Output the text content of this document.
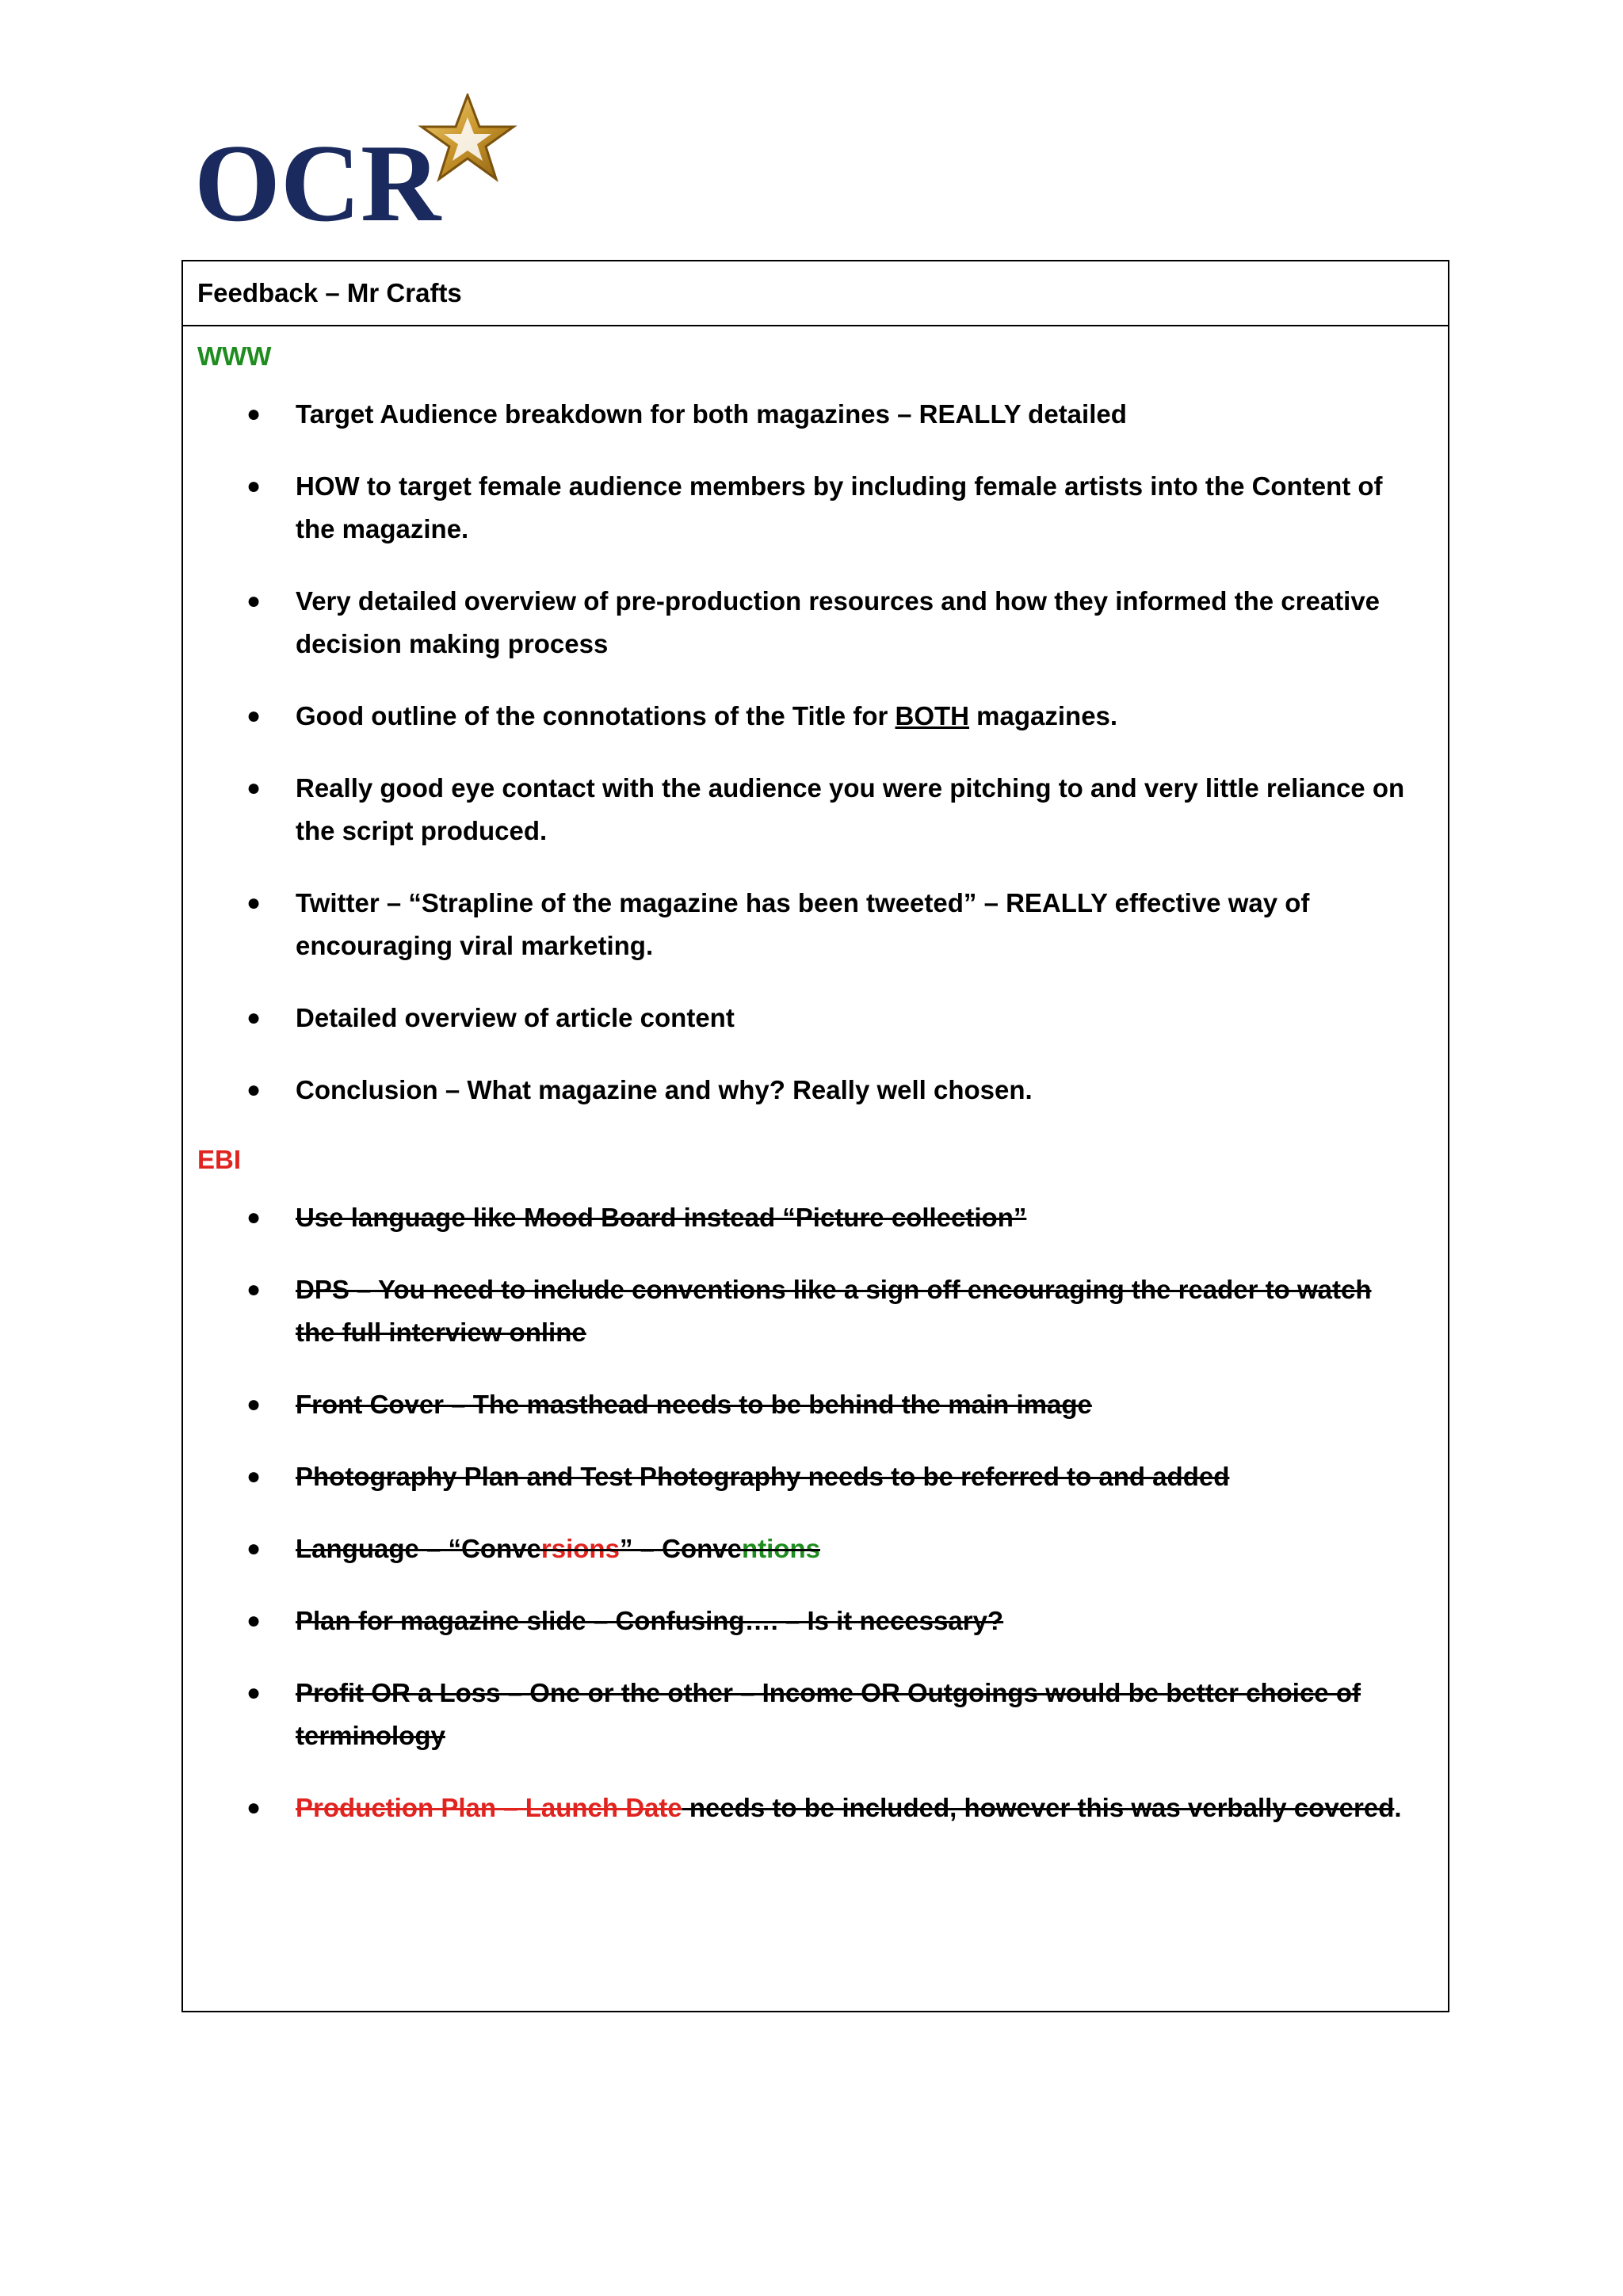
OCR
Feedback – Mr Crafts
WWW
● Target Audience breakdown for both magazines – REALLY detailed
● HOW to target female audience members by including female artists into the Content of the magazine.
● Very detailed overview of pre-production resources and how they informed the creative decision making process
● Good outline of the connotations of the Title for BOTH magazines.
● Really good eye contact with the audience you were pitching to and very little reliance on the script produced.
● Twitter – “Strapline of the magazine has been tweeted” – REALLY effective way of encouraging viral marketing.
● Detailed overview of article content
● Conclusion – What magazine and why? Really well chosen.
EBI
● Use language like Mood Board instead “Picture collection”
● DPS – You need to include conventions like a sign off encouraging the reader to watch the full interview online
● Front Cover – The masthead needs to be behind the main image
● Photography Plan and Test Photography needs to be referred to and added
● Language – “Conversions” – Conventions
● Plan for magazine slide – Confusing…. – Is it necessary?
● Profit OR a Loss – One or the other – Income OR Outgoings would be better choice of terminology
● Production Plan – Launch Date needs to be included, however this was verbally covered.
